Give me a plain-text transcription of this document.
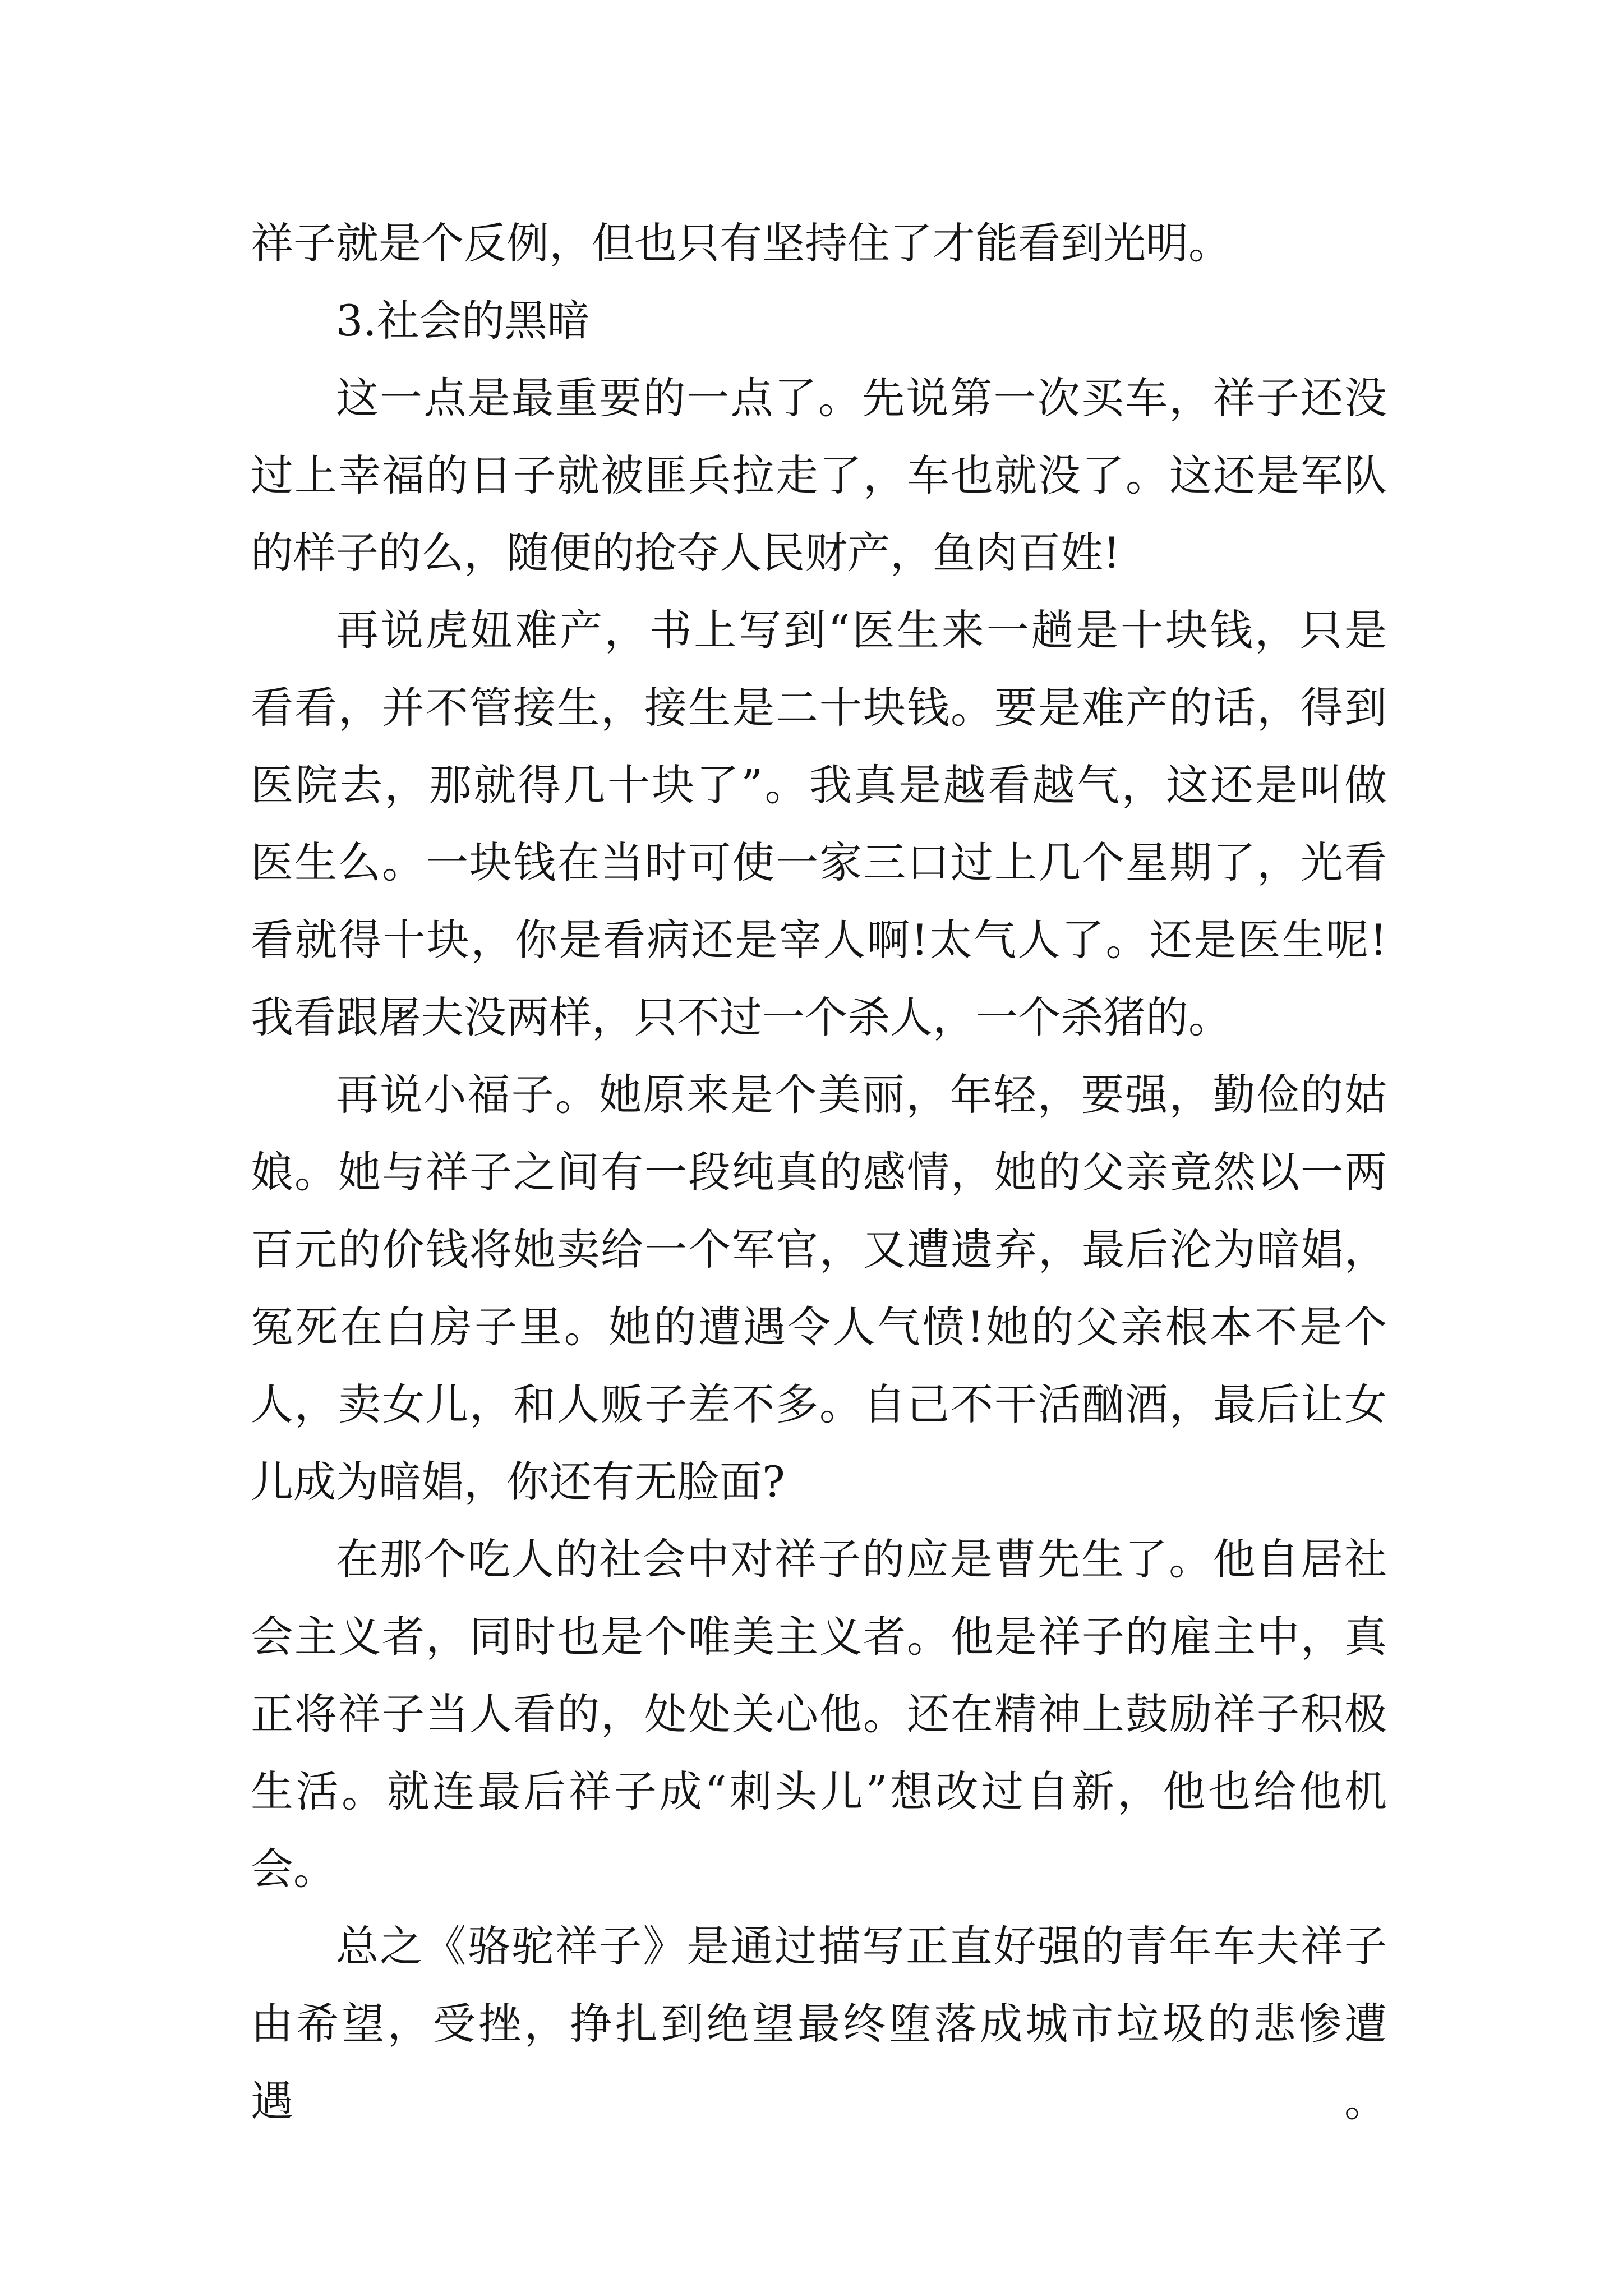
祥子就是个反例，但也只有坚持住了才能看到光明。
3.社会的黑暗
这一点是最重要的一点了。先说第一次买车，祥子还没
过上幸福的日子就被匪兵拉走了，车也就没了。这还是军队
的样子的么，随便的抢夺人民财产，鱼肉百姓!
再说虎妞难产，书上写到“医生来一趟是十块钱，只是
看看，并不管接生，接生是二十块钱。要是难产的话，得到
医院去，那就得几十块了”。我真是越看越气，这还是叫做
医生么。一块钱在当时可使一家三口过上几个星期了，光看
看就得十块，你是看病还是宰人啊!太气人了。还是医生呢!
我看跟屠夫没两样，只不过一个杀人，一个杀猪的。
再说小福子。她原来是个美丽，年轻，要强，勤俭的姑
娘。她与祥子之间有一段纯真的感情，她的父亲竟然以一两
百元的价钱将她卖给一个军官，又遭遗弃，最后沦为暗娼，
冤死在白房子里。她的遭遇令人气愤!她的父亲根本不是个
人，卖女儿，和人贩子差不多。自己不干活酗酒，最后让女
儿成为暗娼，你还有无脸面?
在那个吃人的社会中对祥子的应是曹先生了。他自居社
会主义者，同时也是个唯美主义者。他是祥子的雇主中，真
正将祥子当人看的，处处关心他。还在精神上鼓励祥子积极
生活。就连最后祥子成“刺头儿”想改过自新，他也给他机
会。
总之《骆驼祥子》是通过描写正直好强的青年车夫祥子
由希望，受挫，挣扎到绝望最终堕落成城市垃圾的悲惨遭遇。
